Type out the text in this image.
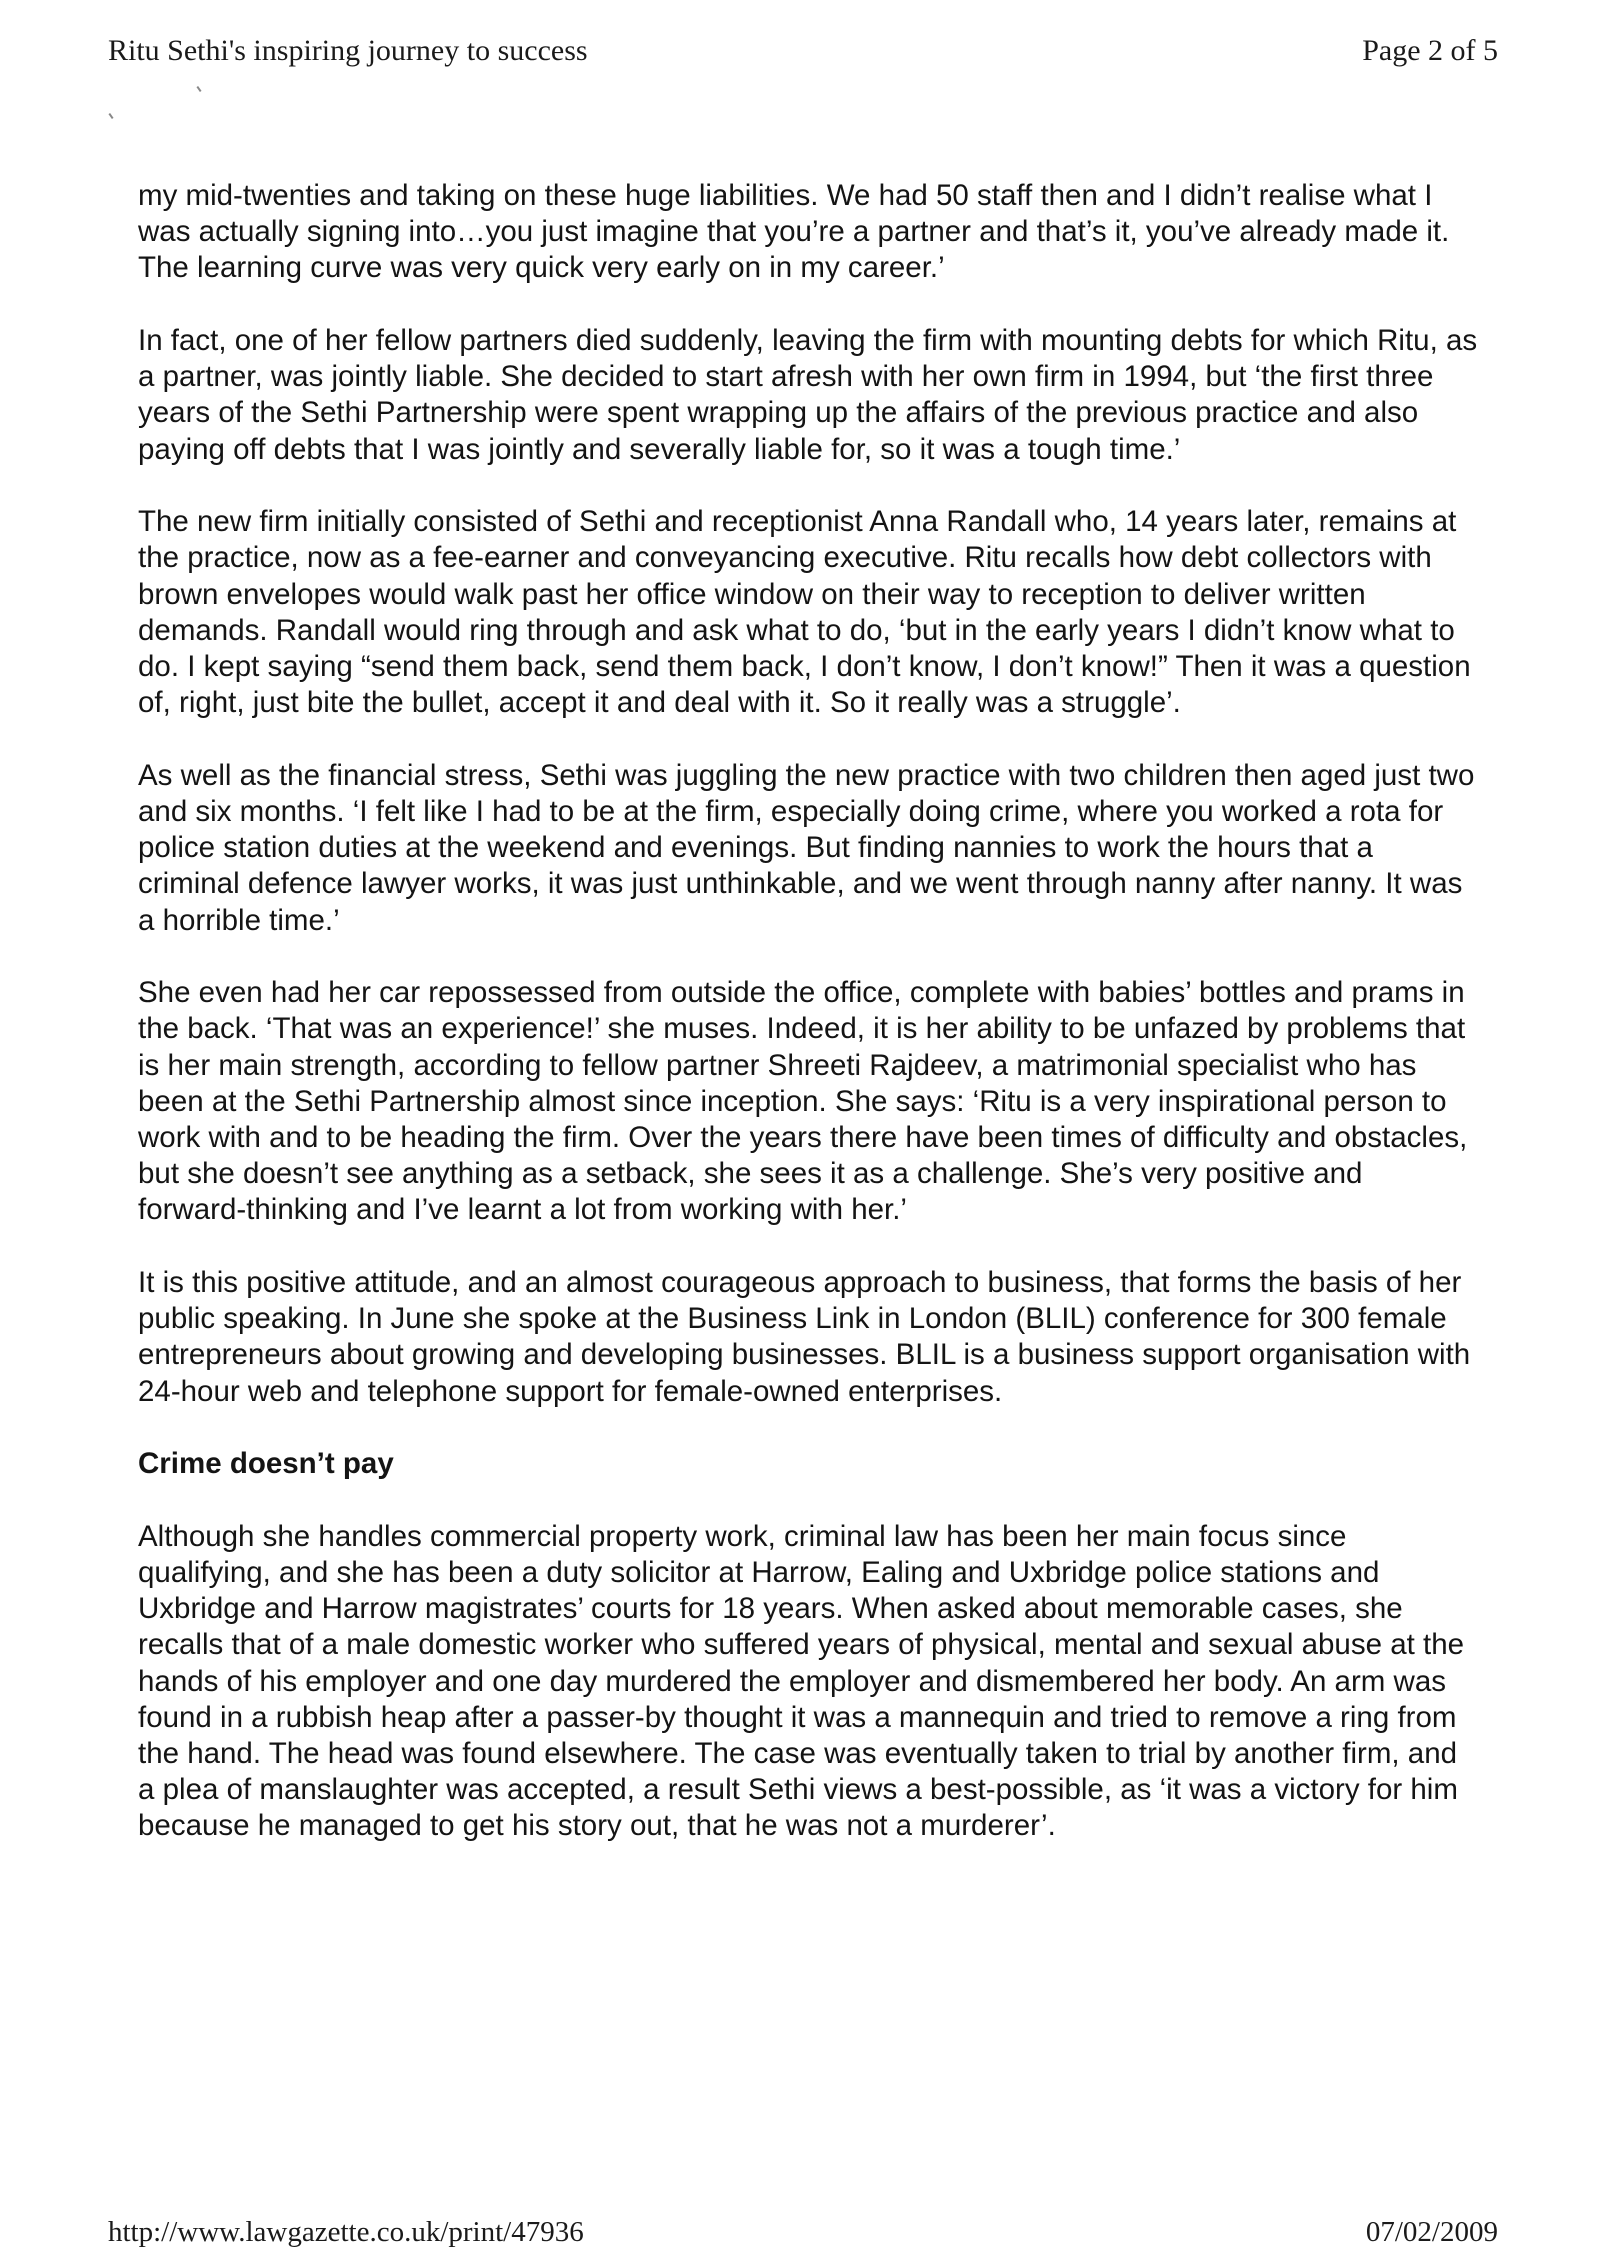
Ritu Sethi's inspiring journey to success	Page 2 of 5

my mid-twenties and taking on these huge liabilities. We had 50 staff then and I didn’t realise what I was actually signing into…you just imagine that you’re a partner and that’s it, you’ve already made it. The learning curve was very quick very early on in my career.’

In fact, one of her fellow partners died suddenly, leaving the firm with mounting debts for which Ritu, as a partner, was jointly liable. She decided to start afresh with her own firm in 1994, but ‘the first three years of the Sethi Partnership were spent wrapping up the affairs of the previous practice and also paying off debts that I was jointly and severally liable for, so it was a tough time.’

The new firm initially consisted of Sethi and receptionist Anna Randall who, 14 years later, remains at the practice, now as a fee-earner and conveyancing executive. Ritu recalls how debt collectors with brown envelopes would walk past her office window on their way to reception to deliver written demands. Randall would ring through and ask what to do, ‘but in the early years I didn’t know what to do. I kept saying “send them back, send them back, I don’t know, I don’t know!” Then it was a question of, right, just bite the bullet, accept it and deal with it. So it really was a struggle’.

As well as the financial stress, Sethi was juggling the new practice with two children then aged just two and six months. ‘I felt like I had to be at the firm, especially doing crime, where you worked a rota for police station duties at the weekend and evenings. But finding nannies to work the hours that a criminal defence lawyer works, it was just unthinkable, and we went through nanny after nanny. It was a horrible time.’

She even had her car repossessed from outside the office, complete with babies’ bottles and prams in the back. ‘That was an experience!’ she muses. Indeed, it is her ability to be unfazed by problems that is her main strength, according to fellow partner Shreeti Rajdeev, a matrimonial specialist who has been at the Sethi Partnership almost since inception. She says: ‘Ritu is a very inspirational person to work with and to be heading the firm. Over the years there have been times of difficulty and obstacles, but she doesn’t see anything as a setback, she sees it as a challenge. She’s very positive and forward-thinking and I’ve learnt a lot from working with her.’

It is this positive attitude, and an almost courageous approach to business, that forms the basis of her public speaking. In June she spoke at the Business Link in London (BLIL) conference for 300 female entrepreneurs about growing and developing businesses. BLIL is a business support organisation with 24-hour web and telephone support for female-owned enterprises.

Crime doesn’t pay

Although she handles commercial property work, criminal law has been her main focus since qualifying, and she has been a duty solicitor at Harrow, Ealing and Uxbridge police stations and Uxbridge and Harrow magistrates’ courts for 18 years. When asked about memorable cases, she recalls that of a male domestic worker who suffered years of physical, mental and sexual abuse at the hands of his employer and one day murdered the employer and dismembered her body. An arm was found in a rubbish heap after a passer-by thought it was a mannequin and tried to remove a ring from the hand. The head was found elsewhere. The case was eventually taken to trial by another firm, and a plea of manslaughter was accepted, a result Sethi views a best-possible, as ‘it was a victory for him because he managed to get his story out, that he was not a murderer’.

http://www.lawgazette.co.uk/print/47936	07/02/2009
